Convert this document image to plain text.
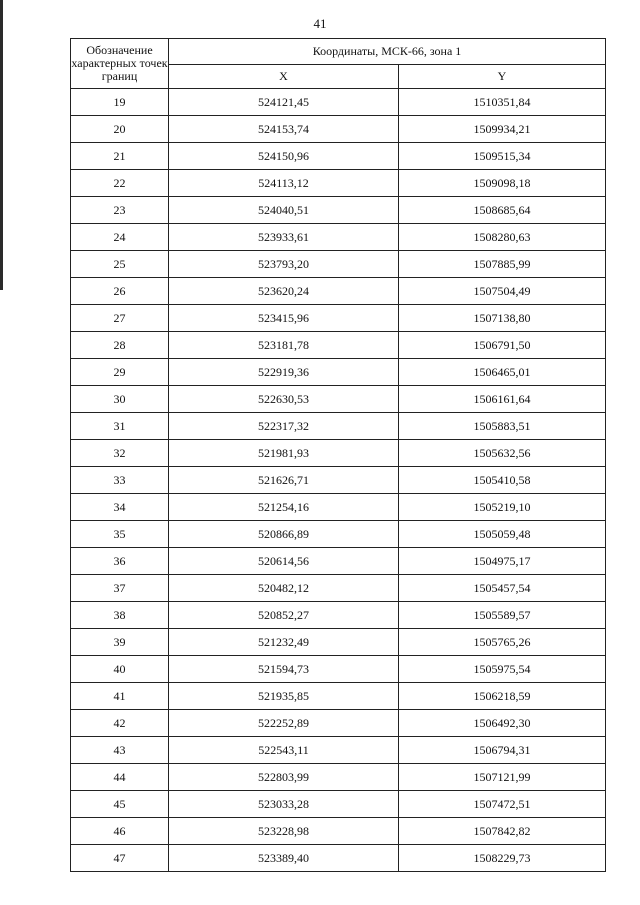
41
Обозначение характерных точек границ	Координаты, МСК-66, зона 1	
	X	Y
19	524121,45	1510351,84
20	524153,74	1509934,21
21	524150,96	1509515,34
22	524113,12	1509098,18
23	524040,51	1508685,64
24	523933,61	1508280,63
25	523793,20	1507885,99
26	523620,24	1507504,49
27	523415,96	1507138,80
28	523181,78	1506791,50
29	522919,36	1506465,01
30	522630,53	1506161,64
31	522317,32	1505883,51
32	521981,93	1505632,56
33	521626,71	1505410,58
34	521254,16	1505219,10
35	520866,89	1505059,48
36	520614,56	1504975,17
37	520482,12	1505457,54
38	520852,27	1505589,57
39	521232,49	1505765,26
40	521594,73	1505975,54
41	521935,85	1506218,59
42	522252,89	1506492,30
43	522543,11	1506794,31
44	522803,99	1507121,99
45	523033,28	1507472,51
46	523228,98	1507842,82
47	523389,40	1508229,73
